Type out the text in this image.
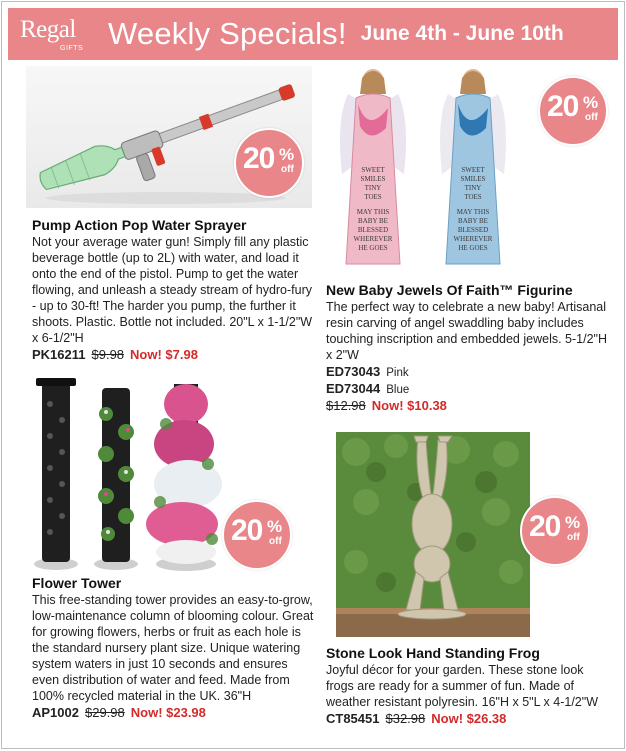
Regal
GIFTS Weekly Specials! June 4th - June 10th
20 %
off
Pump Action Pop Water Sprayer
Not your average water gun! Simply fill any plastic beverage bottle (up to 2L) with water, and load it onto the end of the pistol. Pump to get the water flowing, and unleash a steady stream of hydro-fury - up to 30-ft! The harder you pump, the further it shoots. Plastic. Bottle not included. 20"L x 1-1/2"W x 6-1/2"H
PK16211 $9.98 Now! $7.98
SWEET
SMILES
TINY
TOES
MAY THIS
BABY BE
BLESSED
WHEREVER
HE GOES
SWEET
SMILES
TINY
TOES
MAY THIS
BABY BE
BLESSED
WHEREVER
HE GOES
20 %
off
New Baby Jewels Of Faith™ Figurine
The perfect way to celebrate a new baby! Artisanal resin carving of angel swaddling baby includes touching inscription and embedded jewels. 5-1/2"H x 2"W
ED73043 Pink
ED73044 Blue
$12.98 Now! $10.38
20 %
off
Flower Tower
This free-standing tower provides an easy-to-grow, low-maintenance column of blooming colour. Great for growing flowers, herbs or fruit as each hole is the standard nursery plant size. Unique watering system waters in just 10 seconds and ensures even distribution of water and feed. Made from 100% recycled material in the UK. 36"H
AP1002 $29.98 Now! $23.98
20 %
off
Stone Look Hand Standing Frog
Joyful décor for your garden. These stone look frogs are ready for a summer of fun. Made of weather resistant polyresin. 16"H x 5"L x 4-1/2"W
CT85451 $32.98 Now! $26.38
